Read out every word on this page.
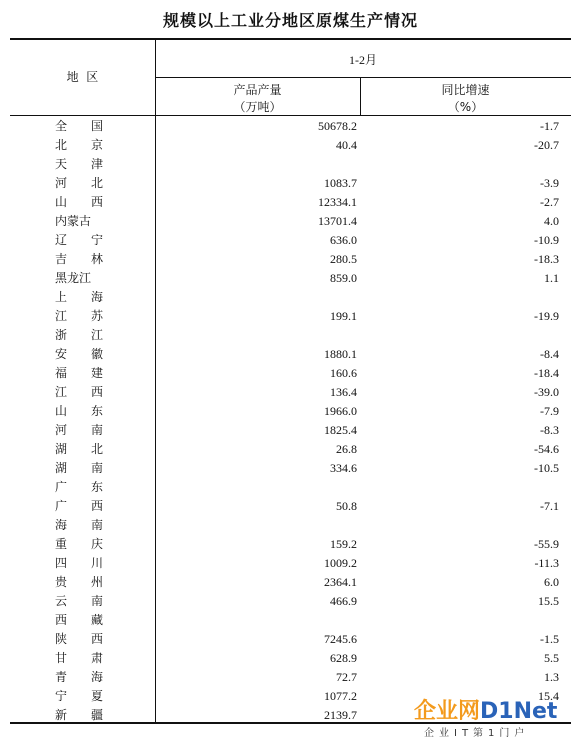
规模以上工业分地区原煤生产情况
地  区
1-2月
产品产量
（万吨）
同比增速
（%）
全 国	50678.2	-1.7
北 京	40.4	-20.7
天 津
河 北	1083.7	-3.9
山 西	12334.1	-2.7
内 蒙 古	13701.4	4.0
辽 宁	636.0	-10.9
吉 林	280.5	-18.3
黑 龙 江	859.0	1.1
上 海
江 苏	199.1	-19.9
浙 江
安 徽	1880.1	-8.4
福 建	160.6	-18.4
江 西	136.4	-39.0
山 东	1966.0	-7.9
河 南	1825.4	-8.3
湖 北	26.8	-54.6
湖 南	334.6	-10.5
广 东
广 西	50.8	-7.1
海 南
重 庆	159.2	-55.9
四 川	1009.2	-11.3
贵 州	2364.1	6.0
云 南	466.9	15.5
西 藏
陕 西	7245.6	-1.5
甘 肃	628.9	5.5
青 海	72.7	1.3
宁 夏	1077.2	15.4
新 疆	2139.7	企业网D1Net
企业IT第1门户
